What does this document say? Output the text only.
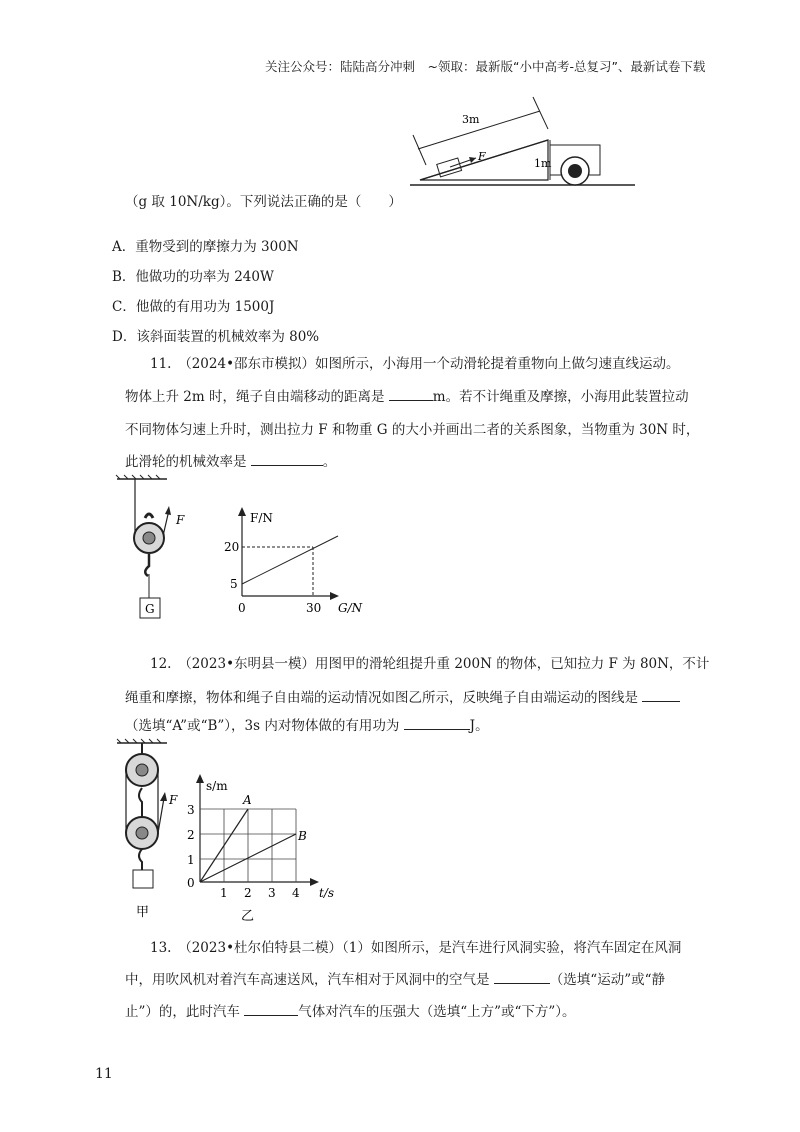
关注公众号：陆陆高分冲刺　~领取：最新版“小中高考-总复习”、最新试卷下载
F
3m
1m
（g 取 10N/kg）。下列说法正确的是（　　）
A．重物受到的摩擦力为 300N
B．他做功的功率为 240W
C．他做的有用功为 1500J
D．该斜面装置的机械效率为 80%
11.　（2024•邵东市模拟）如图所示，小海用一个动滑轮提着重物向上做匀速直线运动。
物体上升 2m 时，绳子自由端移动的距离是	m。若不计绳重及摩擦，小海用此装置拉动
不同物体匀速上升时，测出拉力 F 和物重 G 的大小并画出二者的关系图象，当物重为 30N 时，
此滑轮的机械效率是	。
F
G
F/N
G/N
20
5
0	30
12.　（2023•东明县一模）用图甲的滑轮组提升重 200N 的物体，已知拉力 F 为 80N，不计
绳重和摩擦，物体和绳子自由端的运动情况如图乙所示，反映绳子自由端运动的图线是
（选填“A”或“B”），3s 内对物体做的有用功为	J。
F
甲
s/m
A
B
3
2
1
0
1 2 3 4 t/s
乙
13.　（2023•杜尔伯特县二模）（1）如图所示，是汽车进行风洞实验，将汽车固定在风洞
中，用吹风机对着汽车高速送风，汽车相对于风洞中的空气是	（选填“运动”或“静
止”）的，此时汽车	气体对汽车的压强大（选填“上方”或“下方”）。
11
